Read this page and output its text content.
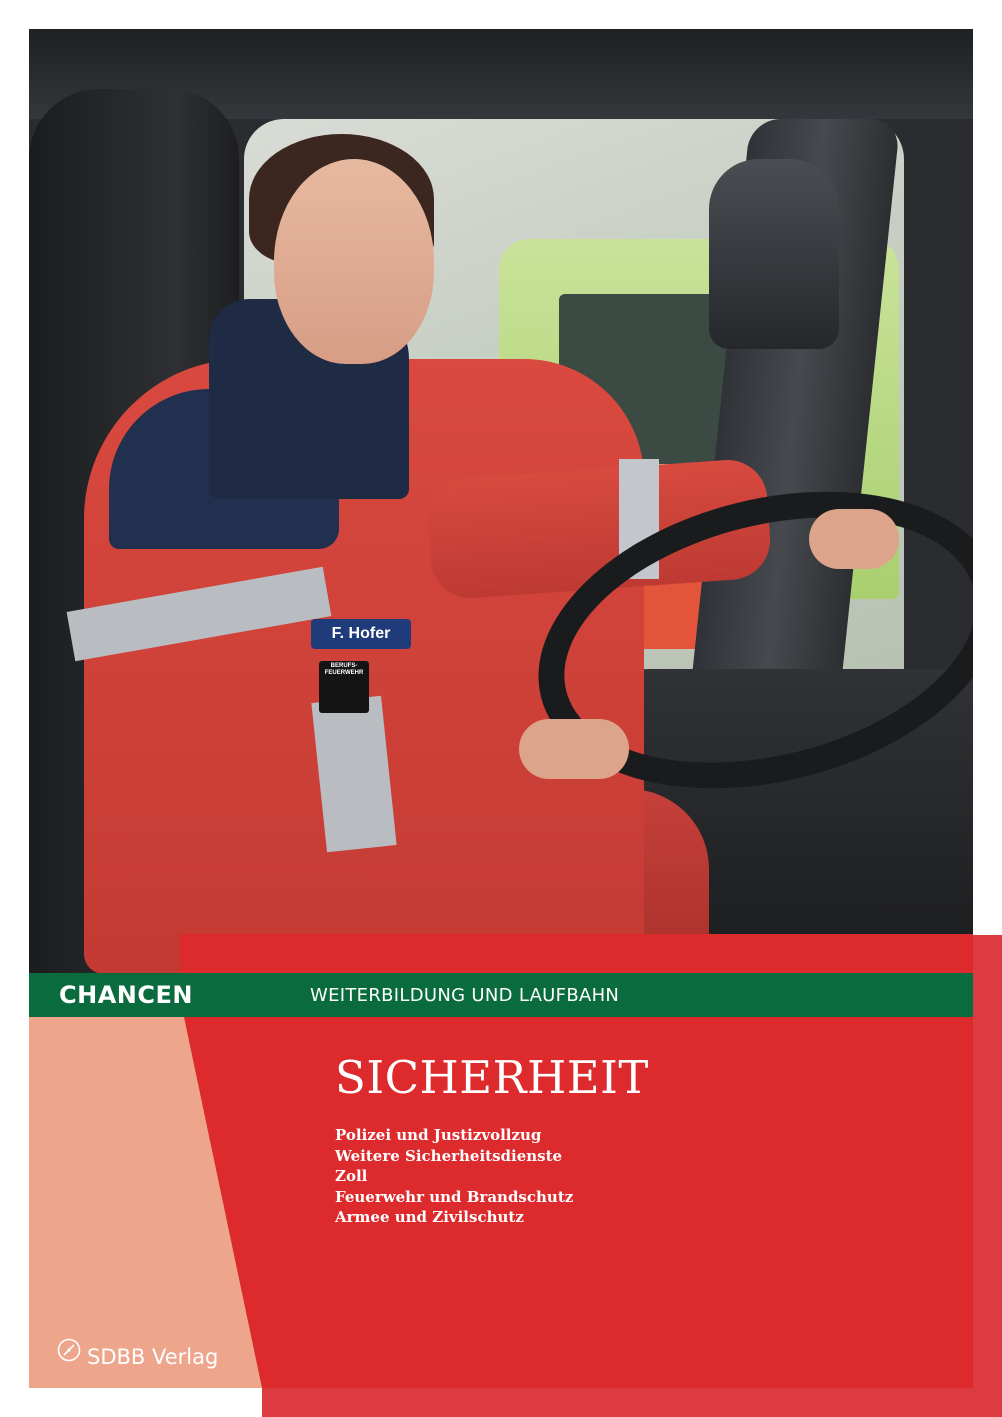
F. Hofer
BERUFS-
FEUERWEHR
CHANCEN	WEITERBILDUNG UND LAUFBAHN
SICHERHEIT
Polizei und Justizvollzug
Weitere Sicherheitsdienste
Zoll
Feuerwehr und Brandschutz
Armee und Zivilschutz
SDBB Verlag
